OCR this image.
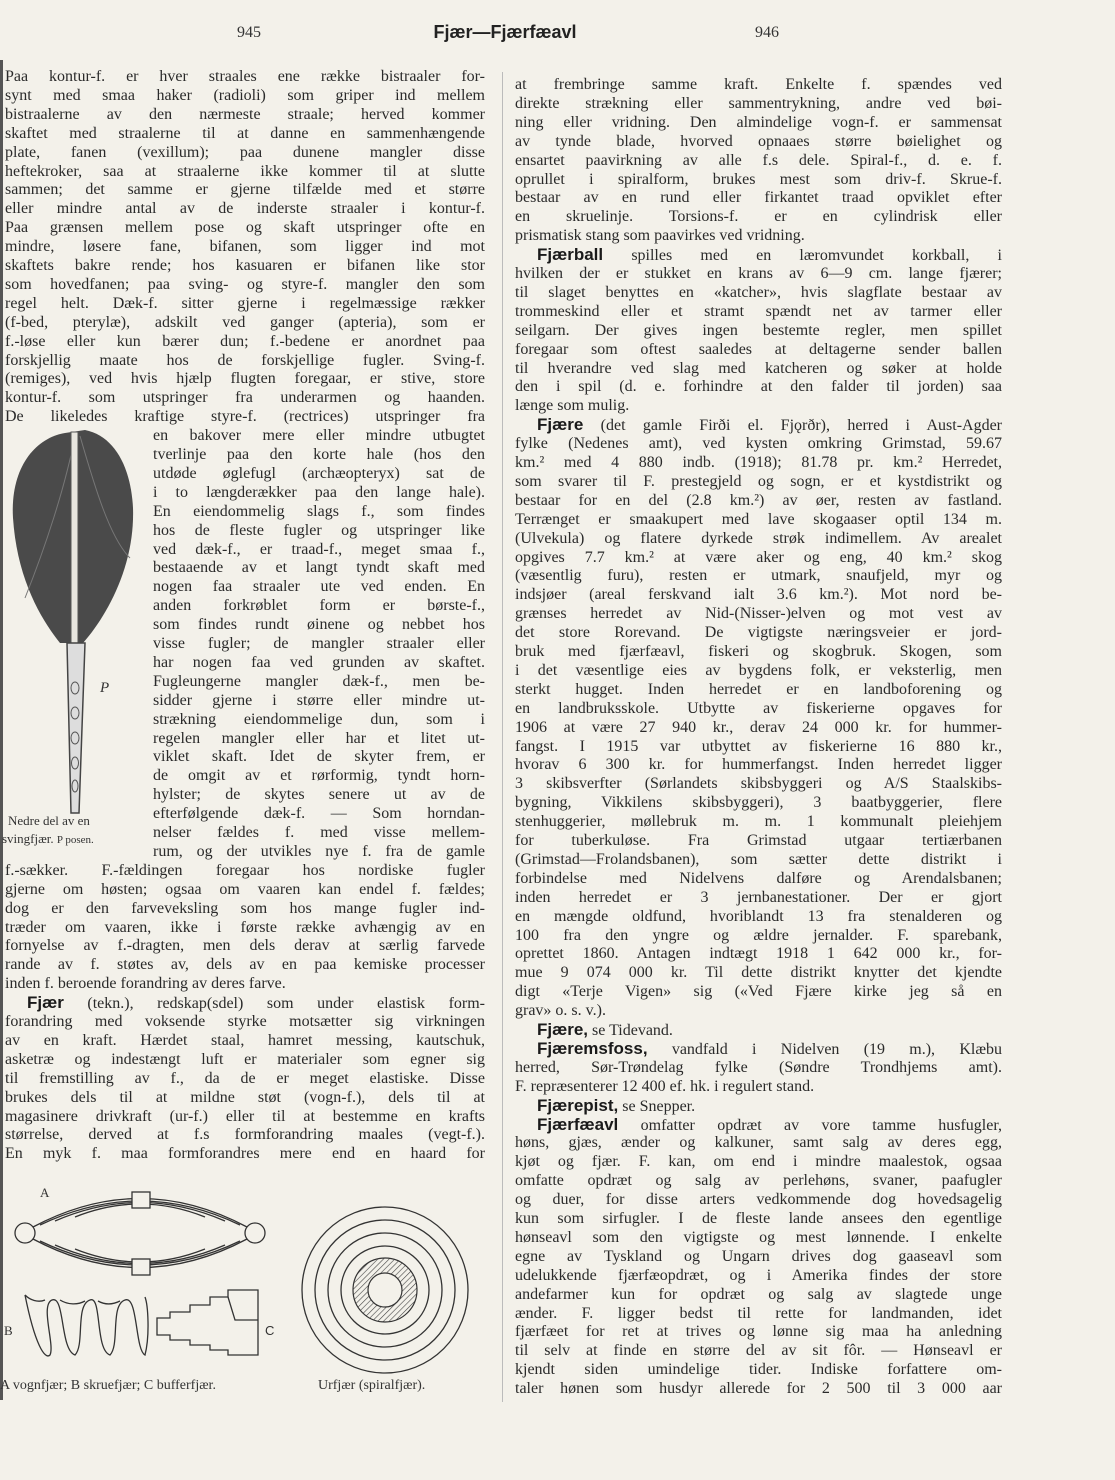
945	Fjær—Fjærfæavl	946
Paa kontur-f. er hver straales ene række bistraaler for-
synt med smaa haker (radioli) som griper ind mellem
bistraalerne av den nærmeste straale; herved kommer
skaftet med straalerne til at danne en sammenhængende
plate, fanen (vexillum); paa dunene mangler disse
heftekroker, saa at straalerne ikke kommer til at slutte
sammen; det samme er gjerne tilfælde med et større
eller mindre antal av de inderste straaler i kontur-f.
Paa grænsen mellem pose og skaft utspringer ofte en
mindre, løsere fane, bifanen, som ligger ind mot
skaftets bakre rende; hos kasuaren er bifanen like stor
som hovedfanen; paa sving- og styre-f. mangler den som
regel helt. Dæk-f. sitter gjerne i regelmæssige rækker
(f-bed, pterylæ), adskilt ved ganger (apteria), som er
f.-løse eller kun bærer dun; f.-bedene er anordnet paa
forskjellig maate hos de forskjellige fugler. Sving-f.
(remiges), ved hvis hjælp flugten foregaar, er stive, store
kontur-f. som utspringer fra underarmen og haanden.
De likeledes kraftige styre-f. (rectrices) utspringer fra
en bakover mere eller mindre utbugtet
tverlinje paa den korte hale (hos den
utdøde øglefugl (archæopteryx) sat de
i to længderækker paa den lange hale).
En eiendommelig slags f., som findes
hos de fleste fugler og utspringer like
ved dæk-f., er traad-f., meget smaa f.,
bestaaende av et langt tyndt skaft med
nogen faa straaler ute ved enden. En
anden forkrøblet form er børste-f.,
som findes rundt øinene og nebbet hos
visse fugler; de mangler straaler eller
har nogen faa ved grunden av skaftet.
Fugleungerne mangler dæk-f., men be-
sidder gjerne i større eller mindre ut-
strækning eiendommelige dun, som i
regelen mangler eller har et litet ut-
viklet skaft. Idet de skyter frem, er
de omgit av et rørformig, tyndt horn-
hylster; de skytes senere ut av de
efterfølgende dæk-f. — Som horndan-
nelser fældes f. med visse mellem-
rum, og der utvikles nye f. fra de gamle
f.-sækker. F.-fældingen foregaar hos nordiske fugler
gjerne om høsten; ogsaa om vaaren kan endel f. fældes;
dog er den farveveksling som hos mange fugler ind-
træder om vaaren, ikke i første række avhængig av en
fornyelse av f.-dragten, men dels derav at særlig farvede
rande av f. støtes av, dels av en paa kemiske processer
inden f. beroende forandring av deres farve.
Fjær (tekn.), redskap(sdel) som under elastisk form-
forandring med voksende styrke motsætter sig virkningen
av en kraft. Hærdet staal, hamret messing, kautschuk,
asketræ og indestængt luft er materialer som egner sig
til fremstilling av f., da de er meget elastiske. Disse
brukes dels til at mildne støt (vogn-f.), dels til at
magasinere drivkraft (ur-f.) eller til at bestemme en krafts
størrelse, derved at f.s formforandring maales (vegt-f.).
En myk f. maa formforandres mere end en haard for
at frembringe samme kraft. Enkelte f. spændes ved
direkte strækning eller sammentrykning, andre ved bøi-
ning eller vridning. Den almindelige vogn-f. er sammensat
av tynde blade, hvorved opnaaes større bøielighet og
ensartet paavirkning av alle f.s dele. Spiral-f., d. e. f.
oprullet i spiralform, brukes mest som driv-f. Skrue-f.
bestaar av en rund eller firkantet traad opviklet efter
en skruelinje. Torsions-f. er en cylindrisk eller
prismatisk stang som paavirkes ved vridning.
Fjærball spilles med en læromvundet korkball, i
hvilken der er stukket en krans av 6—9 cm. lange fjærer;
til slaget benyttes en «katcher», hvis slagflate bestaar av
trommeskind eller et stramt spændt net av tarmer eller
seilgarn. Der gives ingen bestemte regler, men spillet
foregaar som oftest saaledes at deltagerne sender ballen
til hverandre ved slag med katcheren og søker at holde
den i spil (d. e. forhindre at den falder til jorden) saa
længe som mulig.
Fjære (det gamle Firði el. Fjǫrðr), herred i Aust-Agder
fylke (Nedenes amt), ved kysten omkring Grimstad, 59.67
km.² med 4 880 indb. (1918); 81.78 pr. km.² Herredet,
som svarer til F. prestegjeld og sogn, er et kystdistrikt og
bestaar for en del (2.8 km.²) av øer, resten av fastland.
Terrænget er smaakupert med lave skogaaser optil 134 m.
(Ulvekula) og flatere dyrkede strøk indimellem. Av arealet
opgives 7.7 km.² at være aker og eng, 40 km.² skog
(væsentlig furu), resten er utmark, snaufjeld, myr og
indsjøer (areal ferskvand ialt 3.6 km.²). Mot nord be-
grænses herredet av Nid-(Nisser-)elven og mot vest av
det store Rorevand. De vigtigste næringsveier er jord-
bruk med fjærfæavl, fiskeri og skogbruk. Skogen, som
i det væsentlige eies av bygdens folk, er veksterlig, men
sterkt hugget. Inden herredet er en landboforening og
en landbruksskole. Utbytte av fiskerierne opgaves for
1906 at være 27 940 kr., derav 24 000 kr. for hummer-
fangst. I 1915 var utbyttet av fiskerierne 16 880 kr.,
hvorav 6 300 kr. for hummerfangst. Inden herredet ligger
3 skibsverfter (Sørlandets skibsbyggeri og A/S Staalskibs-
bygning, Vikkilens skibsbyggeri), 3 baatbyggerier, flere
stenhuggerier, møllebruk m. m. 1 kommunalt pleiehjem
for tuberkuløse. Fra Grimstad utgaar tertiærbanen
(Grimstad—Frolandsbanen), som sætter dette distrikt i
forbindelse med Nidelvens dalføre og Arendalsbanen;
inden herredet er 3 jernbanestationer. Der er gjort
en mængde oldfund, hvoriblandt 13 fra stenalderen og
100 fra den yngre og ældre jernalder. F. sparebank,
oprettet 1860. Antagen indtægt 1918 1 642 000 kr., for-
mue 9 074 000 kr. Til dette distrikt knytter det kjendte
digt «Terje Vigen» sig («Ved Fjære kirke jeg så en
grav» o. s. v.).
Fjære, se Tidevand.
Fjæremsfoss, vandfald i Nidelven (19 m.), Klæbu
herred, Sør-Trøndelag fylke (Søndre Trondhjems amt).
F. repræsenterer 12 400 ef. hk. i regulert stand.
Fjærepist, se Snepper.
Fjærfæavl omfatter opdræt av vore tamme husfugler,
høns, gjæs, ænder og kalkuner, samt salg av deres egg,
kjøt og fjær. F. kan, om end i mindre maalestok, ogsaa
omfatte opdræt og salg av perlehøns, svaner, paafugler
og duer, for disse arters vedkommende dog hovedsagelig
kun som sirfugler. I de fleste lande ansees den egentlige
hønseavl som den vigtigste og mest lønnende. I enkelte
egne av Tyskland og Ungarn drives dog gaaseavl som
udelukkende fjærfæopdræt, og i Amerika findes der store
andefarmer kun for opdræt og salg av slagtede unge
ænder. F. ligger bedst til rette for landmanden, idet
fjærfæet for ret at trives og lønne sig maa ha anledning
til selv at finde en større del av sit fôr. — Hønseavl er
kjendt siden umindelige tider. Indiske forfattere om-
taler hønen som husdyr allerede for 2 500 til 3 000 aar
P
Nedre del av en
svingfjær. P posen.
A
B	C
A vognfjær; B skruefjær; C bufferfjær.	Urfjær (spiralfjær).
